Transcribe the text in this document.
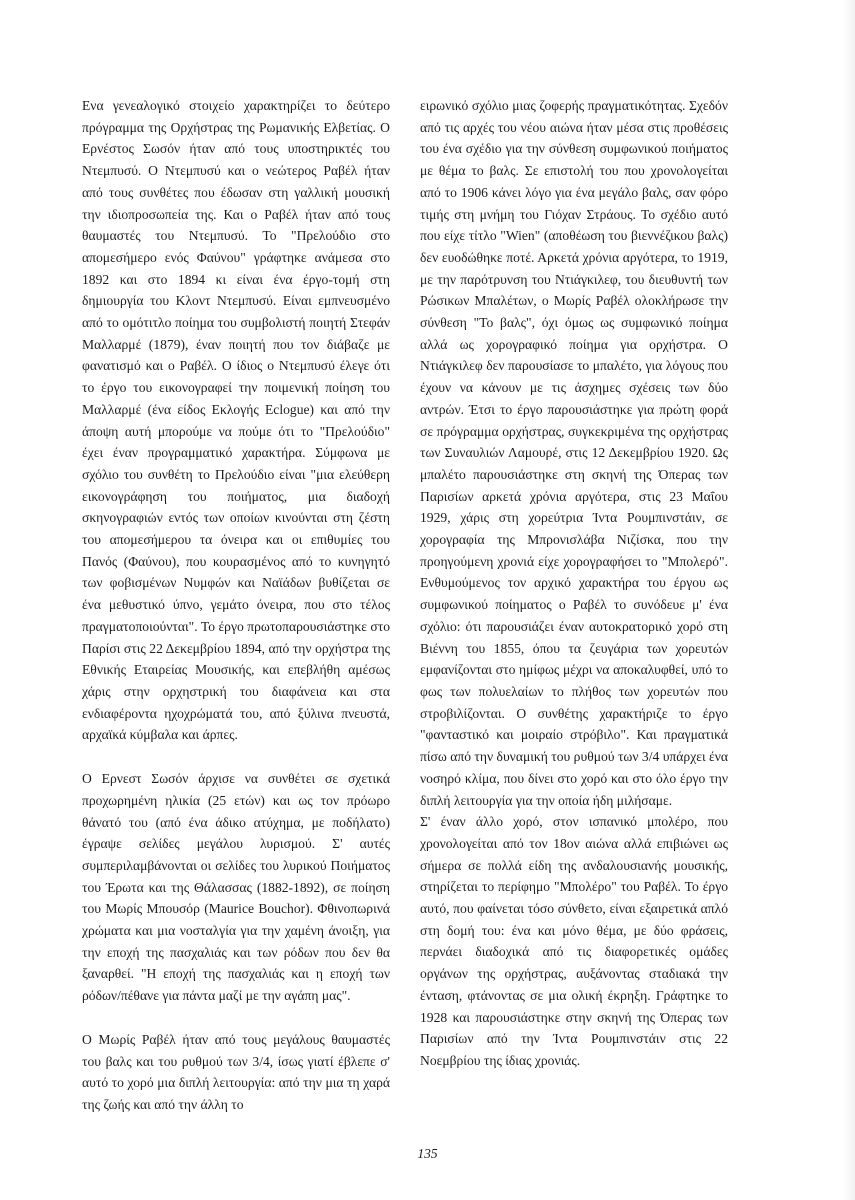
Ενα γενεαλογικό στοιχείο χαρακτηρίζει το δεύτερο πρόγραμμα της Ορχήστρας της Ρωμανικής Ελβετίας. Ο Ερνέστος Σωσόν ήταν από τους υποστηρικτές του Ντεμπυσύ. Ο Ντεμπυσύ και ο νεώτερος Ραβέλ ήταν από τους συνθέτες που έδωσαν στη γαλλική μουσική την ιδιοπροσωπεία της. Και ο Ραβέλ ήταν από τους θαυμαστές του Ντεμπυσύ. Το "Πρελούδιο στο απομεσήμερο ενός Φαύνου" γράφτηκε ανάμεσα στο 1892 και στο 1894 κι είναι ένα έργο-τομή στη δημιουργία του Κλοντ Ντεμπυσύ. Είναι εμπνευσμένο από το ομότιτλο ποίημα του συμβολιστή ποιητή Στεφάν Μαλλαρμέ (1879), έναν ποιητή που τον διάβαζε με φανατισμό και ο Ραβέλ. Ο ίδιος ο Ντεμπυσύ έλεγε ότι το έργο του εικονογραφεί την ποιμενική ποίηση του Μαλλαρμέ (ένα είδος Εκλογής Eclogue) και από την άποψη αυτή μπορούμε να πούμε ότι το "Πρελούδιο" έχει έναν προγραμματικό χαρακτήρα. Σύμφωνα με σχόλιο του συνθέτη το Πρελούδιο είναι "μια ελεύθερη εικονογράφηση του ποιήματος, μια διαδοχή σκηνογραφιών εντός των οποίων κινούνται στη ζέστη του απομεσήμερου τα όνειρα και οι επιθυμίες του Πανός (Φαύνου), που κουρασμένος από το κυνηγητό των φοβισμένων Νυμφών και Ναϊάδων βυθίζεται σε ένα μεθυστικό ύπνο, γεμάτο όνειρα, που στο τέλος πραγματοποιούνται". Το έργο πρωτοπαρουσιάστηκε στο Παρίσι στις 22 Δεκεμβρίου 1894, από την ορχήστρα της Εθνικής Εταιρείας Μουσικής, και επεβλήθη αμέσως χάρις στην ορχηστρική του διαφάνεια και στα ενδιαφέροντα ηχοχρώματά του, από ξύλινα πνευστά, αρχαϊκά κύμβαλα και άρπες.

Ο Ερνεστ Σωσόν άρχισε να συνθέτει σε σχετικά προχωρημένη ηλικία (25 ετών) και ως τον πρόωρο θάνατό του (από ένα άδικο ατύχημα, με ποδήλατο) έγραψε σελίδες μεγάλου λυρισμού. Σ' αυτές συμπεριλαμβάνονται οι σελίδες του λυρικού Ποιήματος του Έρωτα και της Θάλασσας (1882-1892), σε ποίηση του Μωρίς Μπουσόρ (Maurice Bouchor). Φθινοπωρινά χρώματα και μια νοσταλγία για την χαμένη άνοιξη, για την εποχή της πασχαλιάς και των ρόδων που δεν θα ξαναρθεί. "Η εποχή της πασχαλιάς και η εποχή των ρόδων/πέθανε για πάντα μαζί με την αγάπη μας".

Ο Μωρίς Ραβέλ ήταν από τους μεγάλους θαυμαστές του βαλς και του ρυθμού των 3/4, ίσως γιατί έβλεπε σ' αυτό το χορό μια διπλή λειτουργία: από την μια τη χαρά της ζωής και από την άλλη το

ειρωνικό σχόλιο μιας ζοφερής πραγματικότητας. Σχεδόν από τις αρχές του νέου αιώνα ήταν μέσα στις προθέσεις του ένα σχέδιο για την σύνθεση συμφωνικού ποιήματος με θέμα το βαλς. Σε επιστολή του που χρονολογείται από το 1906 κάνει λόγο για ένα μεγάλο βαλς, σαν φόρο τιμής στη μνήμη του Γιόχαν Στράους. Το σχέδιο αυτό που είχε τίτλο "Wien" (αποθέωση του βιεννέζικου βαλς) δεν ευοδώθηκε ποτέ. Αρκετά χρόνια αργότερα, το 1919, με την παρότρυνση του Ντιάγκιλεφ, του διευθυντή των Ρώσικων Μπαλέτων, ο Μωρίς Ραβέλ ολοκλήρωσε την σύνθεση "Το βαλς", όχι όμως ως συμφωνικό ποίημα αλλά ως χορογραφικό ποίημα για ορχήστρα. Ο Ντιάγκιλεφ δεν παρουσίασε το μπαλέτο, για λόγους που έχουν να κάνουν με τις άσχημες σχέσεις των δύο αντρών. Έτσι το έργο παρουσιάστηκε για πρώτη φορά σε πρόγραμμα ορχήστρας, συγκεκριμένα της ορχήστρας των Συναυλιών Λαμουρέ, στις 12 Δεκεμβρίου 1920. Ως μπαλέτο παρουσιάστηκε στη σκηνή της Όπερας των Παρισίων αρκετά χρόνια αργότερα, στις 23 Μαΐου 1929, χάρις στη χορεύτρια Ίντα Ρουμπινστάιν, σε χορογραφία της Μπρονισλάβα Νιζίσκα, που την προηγούμενη χρονιά είχε χορογραφήσει το "Μπολερό". Ενθυμούμενος τον αρχικό χαρακτήρα του έργου ως συμφωνικού ποίηματος ο Ραβέλ το συνόδευε μ' ένα σχόλιο: ότι παρουσιάζει έναν αυτοκρατορικό χορό στη Βιέννη του 1855, όπου τα ζευγάρια των χορευτών εμφανίζονται στο ημίφως μέχρι να αποκαλυφθεί, υπό το φως των πολυελαίων το πλήθος των χορευτών που στροβιλίζονται. Ο συνθέτης χαρακτήριζε το έργο "φανταστικό και μοιραίο στρόβιλο". Και πραγματικά πίσω από την δυναμική του ρυθμού των 3/4 υπάρχει ένα νοσηρό κλίμα, που δίνει στο χορό και στο όλο έργο την διπλή λειτουργία για την οποία ήδη μιλήσαμε.

Σ' έναν άλλο χορό, στον ισπανικό μπολέρο, που χρονολογείται από τον 18ον αιώνα αλλά επιβιώνει ως σήμερα σε πολλά είδη της ανδαλουσιανής μουσικής, στηρίζεται το περίφημο "Μπολέρο" του Ραβέλ. Το έργο αυτό, που φαίνεται τόσο σύνθετο, είναι εξαιρετικά απλό στη δομή του: ένα και μόνο θέμα, με δύο φράσεις, περνάει διαδοχικά από τις διαφορετικές ομάδες οργάνων της ορχήστρας, αυξάνοντας σταδιακά την ένταση, φτάνοντας σε μια ολική έκρηξη. Γράφτηκε το 1928 και παρουσιάστηκε στην σκηνή της Όπερας των Παρισίων από την Ίντα Ρουμπινστάιν στις 22 Νοεμβρίου της ίδιας χρονιάς.

135
